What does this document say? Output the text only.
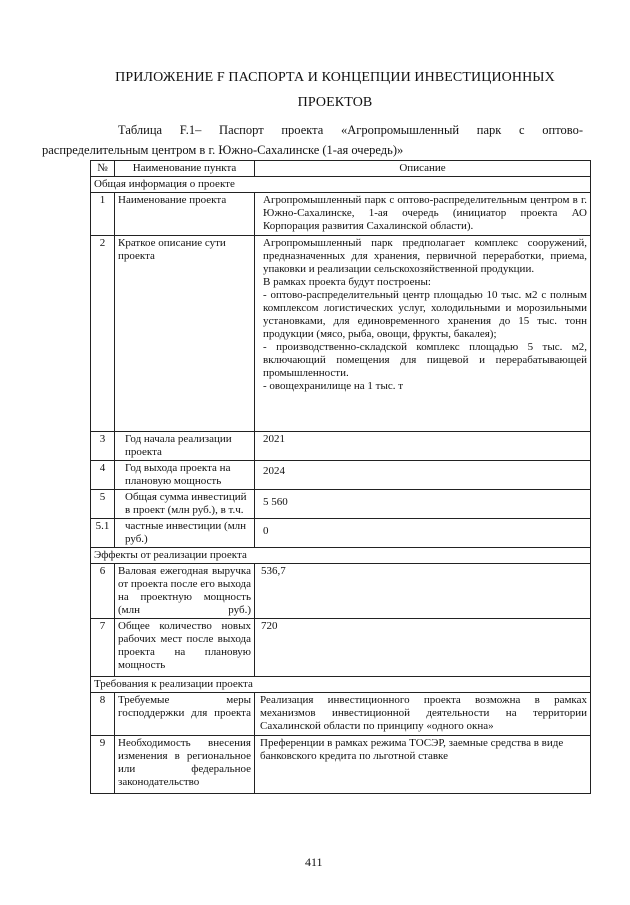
ПРИЛОЖЕНИЕ F ПАСПОРТА И КОНЦЕПЦИИ ИНВЕСТИЦИОННЫХ
ПРОЕКТОВ
Таблица F.1– Паспорт проекта «Агропромышленный парк с оптово-
распределительным центром в г. Южно-Сахалинске (1-ая очередь)»
№	Наименование пункта	Описание
Общая информация о проекте		
1	Наименование проекта	Агропромышленный парк с оптово-распределительным центром в г. Южно-Сахалинске, 1-ая очередь (инициатор проекта АО Корпорация развития Сахалинской области).
2	Краткое описание сути проекта	Агропромышленный парк предполагает комплекс сооружений, предназначенных для хранения, первичной переработки, приема, упаковки и реализации сельскохозяйственной продукции.
В рамках проекта будут построены:
- оптово-распределительный центр площадью 10 тыс. м2 с полным комплексом логистических услуг, холодильными и морозильными установками, для единовременного хранения до 15 тыс. тонн продукции (мясо, рыба, овощи, фрукты, бакалея);
- производственно-складской комплекс площадью 5 тыс. м2, включающий помещения для пищевой и перерабатывающей промышленности.
- овощехранилище на 1 тыс. т

3	Год начала реализации проекта	2021
4	Год выхода проекта на плановую мощность	2024
5	Общая сумма инвестиций в проект (млн руб.), в т.ч.	5 560
5.1	частные инвестиции (млн руб.)	0
Эффекты от реализации проекта		
6	Валовая ежегодная выручка от проекта после его выхода на проектную мощность (млн руб.)	536,7
7	Общее количество новых рабочих мест после выхода проекта на плановую мощность	720
Требования к реализации проекта		
8	Требуемые меры господдержки для проекта	Реализация инвестиционного проекта возможна в рамках механизмов инвестиционной деятельности на территории Сахалинской области по принципу «одного окна»
9	Необходимость внесения изменения в региональное или федеральное законодательство	Преференции в рамках режима ТОСЭР, заемные средства в виде банковского кредита по льготной ставке
411
